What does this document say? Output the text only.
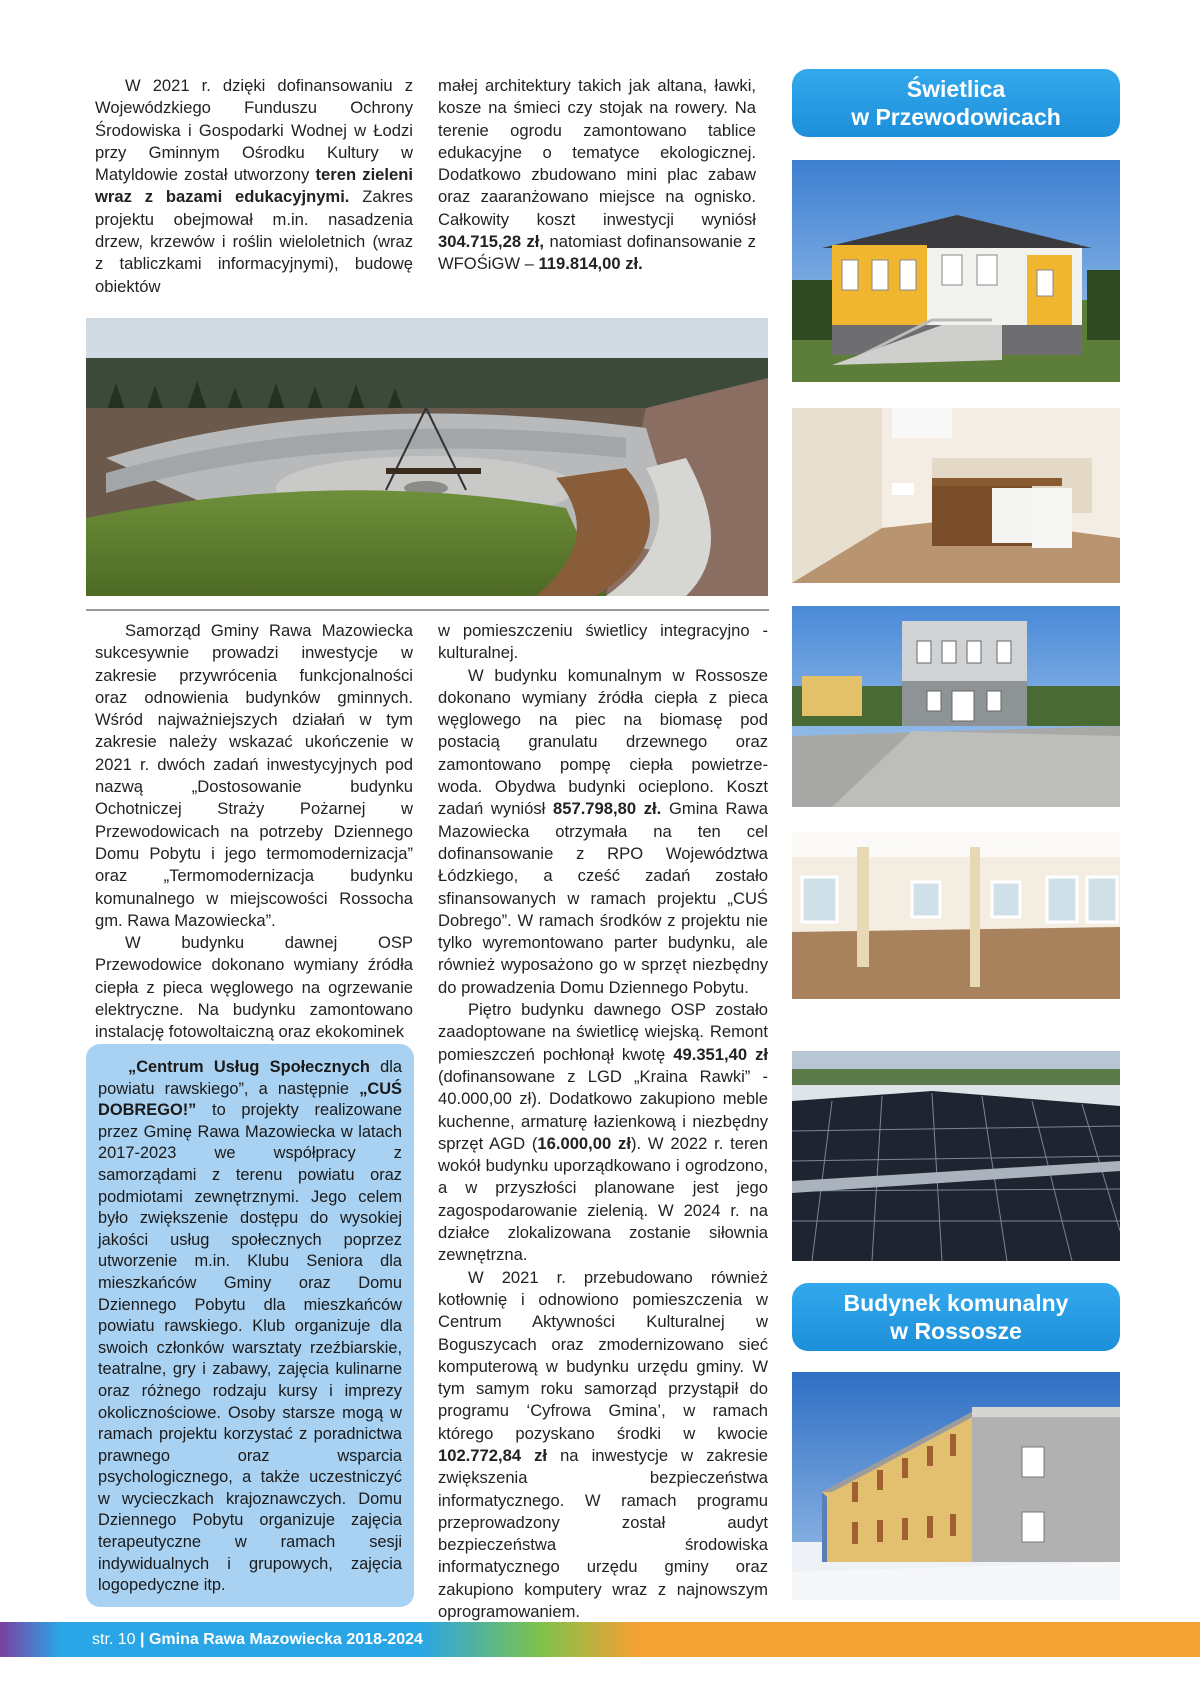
W 2021 r. dzięki dofinansowaniu z Wojewódzkiego Funduszu Ochrony Środowiska i Gospodarki Wodnej w Łodzi przy Gminnym Ośrodku Kultury w Matyldowie został utworzony teren zieleni wraz z bazami edukacyjnymi. Zakres projektu obejmował m.in. nasadzenia drzew, krzewów i roślin wieloletnich (wraz z tabliczkami informacyjnymi), budowę obiektów

małej architektury takich jak altana, ławki, kosze na śmieci czy stojak na rowery. Na terenie ogrodu zamontowano tablice edukacyjne o tematyce ekologicznej. Dodatkowo zbudowano mini plac zabaw oraz zaaranżowano miejsce na ognisko. Całkowity koszt inwestycji wyniósł 304.715,28 zł, natomiast dofinansowanie z WFOŚiGW – 119.814,00 zł.

Samorząd Gminy Rawa Mazowiecka sukcesywnie prowadzi inwestycje w zakresie przywrócenia funkcjonalności oraz odnowienia budynków gminnych. Wśród najważniejszych działań w tym zakresie należy wskazać ukończenie w 2021 r. dwóch zadań inwestycyjnych pod nazwą „Dostosowanie budynku Ochotniczej Straży Pożarnej w Przewodowicach na potrzeby Dziennego Domu Pobytu i jego termomodernizacja” oraz „Termomodernizacja budynku komunalnego w miejscowości Rossocha gm. Rawa Mazowiecka”.

W budynku dawnej OSP Przewodowice dokonano wymiany źródła ciepła z pieca węglowego na ogrzewanie elektryczne. Na budynku zamontowano instalację fotowoltaiczną oraz ekokominek

„Centrum Usług Społecznych dla powiatu rawskiego”, a następnie „CUŚ DOBREGO!” to projekty realizowane przez Gminę Rawa Mazowiecka w latach 2017-2023 we współpracy z samorządami z terenu powiatu oraz podmiotami zewnętrznymi. Jego celem było zwiększenie dostępu do wysokiej jakości usług społecznych poprzez utworzenie m.in. Klubu Seniora dla mieszkańców Gminy oraz Domu Dziennego Pobytu dla mieszkańców powiatu rawskiego. Klub organizuje dla swoich członków warsztaty rzeźbiarskie, teatralne, gry i zabawy, zajęcia kulinarne oraz różnego rodzaju kursy i imprezy okolicznościowe. Osoby starsze mogą w ramach projektu korzystać z poradnictwa prawnego oraz wsparcia psychologicznego, a także uczestniczyć w wycieczkach krajoznawczych. Domu Dziennego Pobytu organizuje zajęcia terapeutyczne w ramach sesji indywidualnych i grupowych, zajęcia logopedyczne itp.

w pomieszczeniu świetlicy integracyjno - kulturalnej.

W budynku komunalnym w Rossosze dokonano wymiany źródła ciepła z pieca węglowego na piec na biomasę pod postacią granulatu drzewnego oraz zamontowano pompę ciepła powietrze-woda. Obydwa budynki ocieplono. Koszt zadań wyniósł 857.798,80 zł. Gmina Rawa Mazowiecka otrzymała na ten cel dofinansowanie z RPO Województwa Łódzkiego, a cześć zadań zostało sfinansowanych w ramach projektu „CUŚ Dobrego”. W ramach środków z projektu nie tylko wyremontowano parter budynku, ale również wyposażono go w sprzęt niezbędny do prowadzenia Domu Dziennego Pobytu.

Piętro budynku dawnego OSP zostało zaadoptowane na świetlicę wiejską. Remont pomieszczeń pochłonął kwotę 49.351,40 zł (dofinansowane z LGD „Kraina Rawki” - 40.000,00 zł). Dodatkowo zakupiono meble kuchenne, armaturę łazienkową i niezbędny sprzęt AGD (16.000,00 zł). W 2022 r. teren wokół budynku uporządkowano i ogrodzono, a w przyszłości planowane jest jego zagospodarowanie zielenią. W 2024 r. na działce zlokalizowana zostanie siłownia zewnętrzna.

W 2021 r. przebudowano również kotłownię i odnowiono pomieszczenia w Centrum Aktywności Kulturalnej w Boguszycach oraz zmodernizowano sieć komputerową w budynku urzędu gminy. W tym samym roku samorząd przystąpił do programu ‘Cyfrowa Gmina’, w ramach którego pozyskano środki w kwocie 102.772,84 zł na inwestycje w zakresie zwiększenia bezpieczeństwa informatycznego. W ramach programu przeprowadzony został audyt bezpieczeństwa środowiska informatycznego urzędu gminy oraz zakupiono komputery wraz z najnowszym oprogramowaniem.

Świetlica
w Przewodowicach
Budynek komunalny
w Rossosze
str. 10 | Gmina Rawa Mazowiecka 2018-2024
